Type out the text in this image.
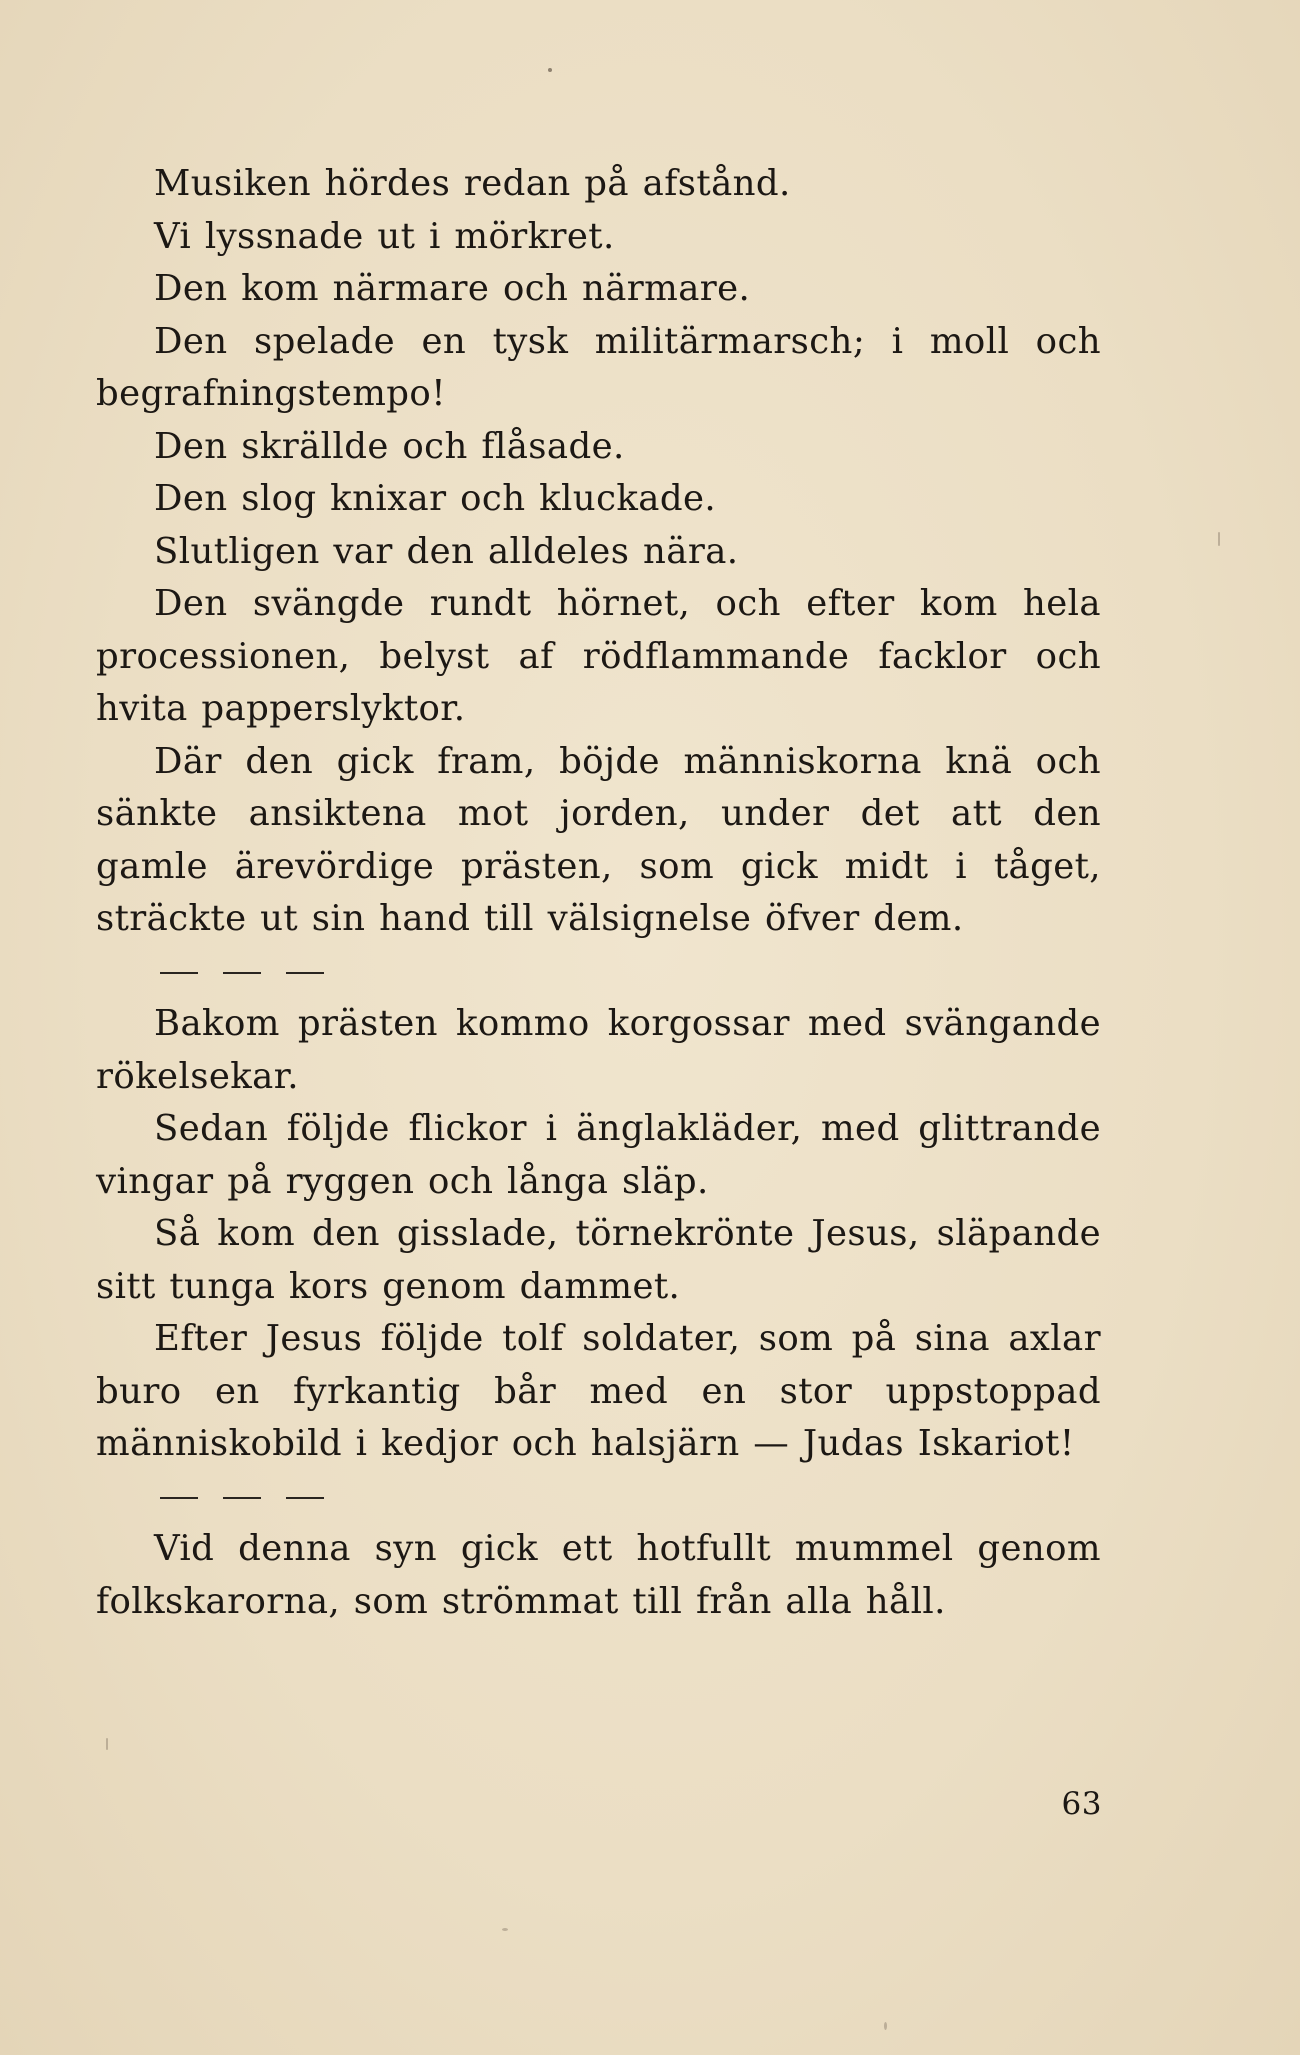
Musiken hördes redan på afstånd.

Vi lyssnade ut i mörkret.

Den kom närmare och närmare.

Den spelade en tysk militärmarsch; i moll och begrafningstempo!

Den skrällde och flåsade.

Den slog knixar och kluckade.

Slutligen var den alldeles nära.

Den svängde rundt hörnet, och efter kom hela processionen, belyst af rödflammande facklor och hvita papperslyktor.

Där den gick fram, böjde människorna knä och sänkte ansiktena mot jorden, under det att den gamle ärevördige prästen, som gick midt i tåget, sträckte ut sin hand till välsignelse öfver dem.

Bakom prästen kommo korgossar med svängande rökelsekar.

Sedan följde flickor i änglakläder, med glittrande vingar på ryggen och långa släp.

Så kom den gisslade, törnekrönte Jesus, släpande sitt tunga kors genom dammet.

Efter Jesus följde tolf soldater, som på sina axlar buro en fyrkantig bår med en stor uppstoppad människobild i kedjor och halsjärn — Judas Iskariot!

Vid denna syn gick ett hotfullt mummel genom folkskarorna, som strömmat till från alla håll.

63
